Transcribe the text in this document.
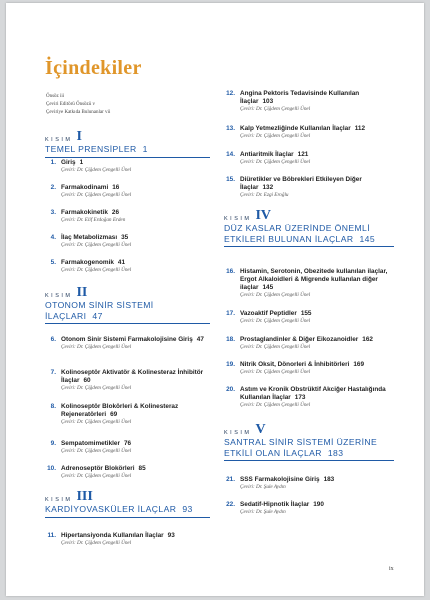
İçindekiler
Önsöz iii
Çeviri Editörü Önsözü v
Çeviriye Katkıda Bulunanlar vii
KISIM I
TEMEL PRENSİPLER 1
1. Giriş 1
Çeviri: Dr. Çiğdem Çengelli Ünel
2. Farmakodinami 16
Çeviri: Dr. Çiğdem Çengelli Ünel
3. Farmakokinetik 26
Çeviri: Dr. Elif Erdoğan Erden
4. İlaç Metabolizması 35
Çeviri: Dr. Çiğdem Çengelli Ünel
5. Farmakogenomik 41
Çeviri: Dr. Çiğdem Çengelli Ünel
KISIM II
OTONOM SİNİR SİSTEMİ İLAÇLARI 47
6. Otonom Sinir Sistemi Farmakolojisine Giriş 47
Çeviri: Dr. Çiğdem Çengelli Ünel
7. Kolinoseptör Aktivatör & Kolinesteraz İnhibitör İlaçlar 60
Çeviri: Dr. Çiğdem Çengelli Ünel
8. Kolinoseptör Blokörleri & Kolinesteraz Rejeneratörleri 69
Çeviri: Dr. Çiğdem Çengelli Ünel
9. Sempatomimetikler 76
Çeviri: Dr. Çiğdem Çengelli Ünel
10. Adrenoseptör Blokörleri 85
Çeviri: Dr. Çiğdem Çengelli Ünel
KISIM III
KARDİYOVASKÜLER İLAÇLAR 93
11. Hipertansiyonda Kullanılan İlaçlar 93
Çeviri: Dr. Çiğdem Çengelli Ünel
12. Angina Pektoris Tedavisinde Kullanılan İlaçlar 103
Çeviri: Dr. Çiğdem Çengelli Ünel
13. Kalp Yetmezliğinde Kullanılan İlaçlar 112
Çeviri: Dr. Çiğdem Çengelli Ünel
14. Antiaritmik İlaçlar 121
Çeviri: Dr. Çiğdem Çengelli Ünel
15. Diüretikler ve Böbrekleri Etkileyen Diğer İlaçlar 132
Çeviri: Dr. Ezgi Eroğlu
KISIM IV
DÜZ KASLAR ÜZERİNDE ÖNEMLİ ETKİLERİ BULUNAN İLAÇLAR 145
16. Histamin, Serotonin, Obezitede kullanılan ilaçlar, Ergot Alkaloidleri & Migrende kullanılan diğer ilaçlar 145
Çeviri: Dr. Çiğdem Çengelli Ünel
17. Vazoaktif Peptidler 155
Çeviri: Dr. Çiğdem Çengelli Ünel
18. Prostaglandinler & Diğer Eikozanoidler 162
Çeviri: Dr. Çiğdem Çengelli Ünel
19. Nitrik Oksit, Dönorleri & İnhibitörleri 169
Çeviri: Dr. Çiğdem Çengelli Ünel
20. Astım ve Kronik Obstrüktif Akciğer Hastalığında Kullanılan İlaçlar 173
Çeviri: Dr. Çiğdem Çengelli Ünel
KISIM V
SANTRAL SİNİR SİSTEMİ ÜZERİNE ETKİLİ OLAN İLAÇLAR 183
21. SSS Farmakolojisine Giriş 183
Çeviri: Dr. Şule Aydın
22. Sedatif-Hipnotik İlaçlar 190
Çeviri: Dr. Şule Aydın
ix
